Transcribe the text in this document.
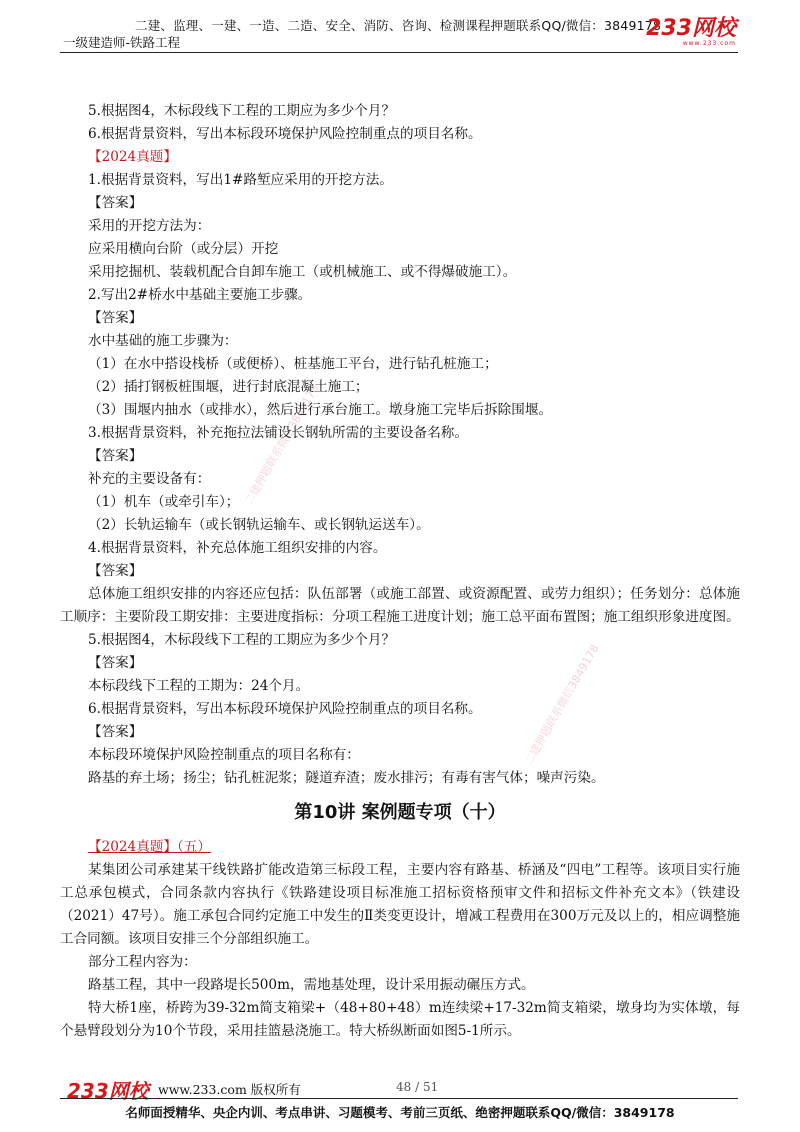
二建、监理、一建、一造、二造、安全、消防、咨询、检测课程押题联系QQ/微信：3849178
一级建造师-铁路工程
233网校
www.233.com
二建押题联系微信3849178
二建押题联系微信3849178
5.根据图4，木标段线下工程的工期应为多少个月？
6.根据背景资料，写出本标段环境保护风险控制重点的项目名称。
【2024真题】
1.根据背景资料，写出1#路堑应采用的开挖方法。
【答案】
采用的开挖方法为：
应采用横向台阶（或分层）开挖
采用挖掘机、装载机配合自卸车施工（或机械施工、或不得爆破施工）。
2.写出2#桥水中基础主要施工步骤。
【答案】
水中基础的施工步骤为：
（1）在水中搭设栈桥（或便桥）、桩基施工平台，进行钻孔桩施工；
（2）插打钢板桩围堰，进行封底混凝土施工；
（3）围堰内抽水（或排水），然后进行承台施工。墩身施工完毕后拆除围堰。
3.根据背景资料，补充拖拉法铺设长钢轨所需的主要设备名称。
【答案】
补充的主要设备有：
（1）机车（或牵引车）；
（2）长轨运输车（或长钢轨运输车、或长钢轨运送车）。
4.根据背景资料，补充总体施工组织安排的内容。
【答案】
总体施工组织安排的内容还应包括：队伍部署（或施工部置、或资源配置、或劳力组织）；任务划分：总体施工顺序：主要阶段工期安排：主要进度指标：分项工程施工进度计划；施工总平面布置图；施工组织形象进度图。
5.根据图4，木标段线下工程的工期应为多少个月？
【答案】
本标段线下工程的工期为：24个月。
6.根据背景资料，写出本标段环境保护风险控制重点的项目名称。
【答案】
本标段环境保护风险控制重点的项目名称有：
路基的弃土场；扬尘；钻孔桩泥浆；隧道弃渣；废水排污；有毒有害气体；噪声污染。
第10讲 案例题专项（十）
【2024真题】（五）
某集团公司承建某干线铁路扩能改造第三标段工程，主要内容有路基、桥涵及“四电”工程等。该项目实行施工总承包模式，合同条款内容执行《铁路建设项目标准施工招标资格预审文件和招标文件补充文本》（铁建设（2021）47号）。施工承包合同约定施工中发生的Ⅱ类变更设计，增减工程费用在300万元及以上的，相应调整施工合同额。该项目安排三个分部组织施工。
部分工程内容为：
路基工程，其中一段路堤长500m，需地基处理，设计采用振动碾压方式。
特大桥1座，桥跨为39-32m简支箱梁+（48+80+48）m连续梁+17-32m简支箱梁，墩身均为实体墩，每个悬臂段划分为10个节段，采用挂篮悬浇施工。特大桥纵断面如图5-1所示。
233网校 www.233.com 版权所有	48 / 51
名师面授精华、央企内训、考点串讲、习题模考、考前三页纸、绝密押题联系QQ/微信：3849178
